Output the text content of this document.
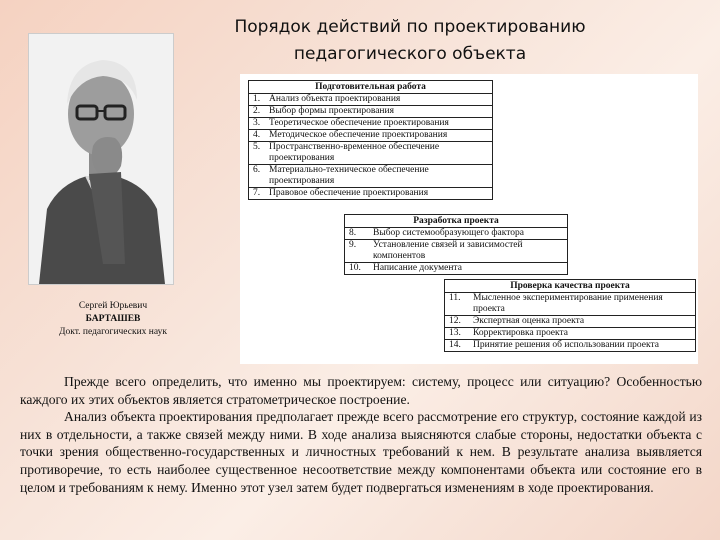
Порядок действий по проектированию
педагогического объекта
Сергей Юрьевич
БАРТАШЕВ
Докт. педагогических наук
Подготовительная работа
1. Анализ объекта проектирования
2. Выбор формы проектирования
3. Теоретическое обеспечение проектирования
4. Методическое обеспечение проектирования
5. Пространственно-временное обеспечение проектирования
6. Материально-техническое обеспечение проектирования
7. Правовое обеспечение проектирования
Разработка проекта
8.	Выбор системообразующего фактора
9.	Установление связей и зависимостей компонентов
10.	Написание документа
Проверка качества проекта
11.	Мысленное экспериментирование применения проекта
12.	Экспертная оценка проекта
13.	Корректировка проекта
14.	Принятие решения об использовании проекта

Прежде всего определить, что именно мы проектируем: систему, процесс или ситуацию? Особенностью каждого их этих объектов является стратометрическое построение.

Анализ объекта проектирования предполагает прежде всего рассмотрение его структур, состояние каждой из них в отдельности, а также связей между ними. В ходе анализа выясняются слабые стороны, недостатки объекта с точки зрения общественно-государственных и личностных требований к нем. В результате анализа выявляется противоречие, то есть наиболее существенное несоответствие между компонентами объекта или состояние его в целом и требованиям к нему. Именно этот узел затем будет подвергаться изменениям в ходе проектирования.
